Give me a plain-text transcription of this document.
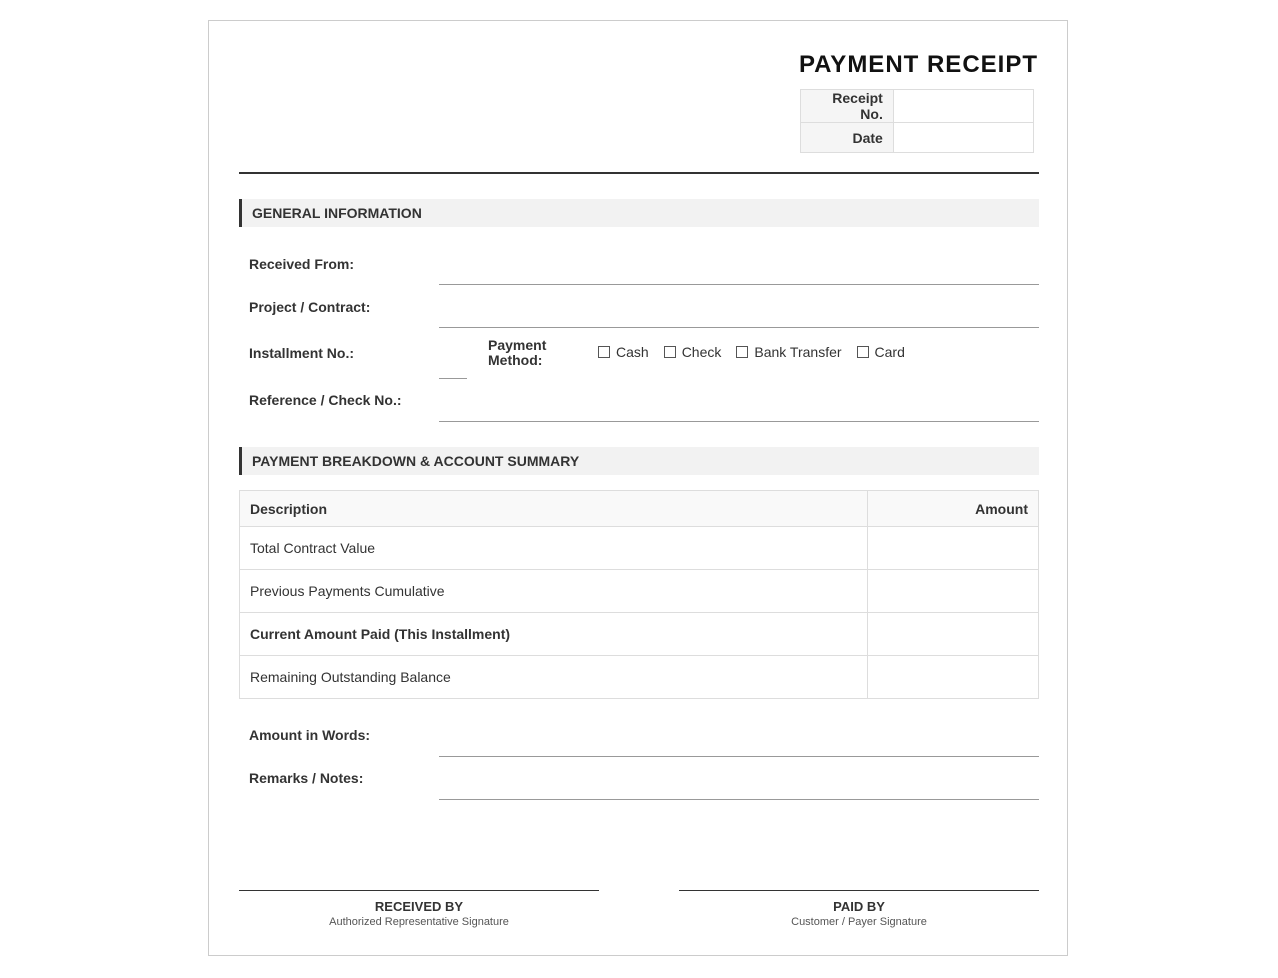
PAYMENT RECEIPT
Receipt No.	
Date	
GENERAL INFORMATION
Received From:
Project / Contract:
Installment No.:	Payment Method:	Cash Check Bank Transfer Card
Reference / Check No.:
PAYMENT BREAKDOWN & ACCOUNT SUMMARY
Description	Amount
Total Contract Value	
Previous Payments Cumulative	
Current Amount Paid (This Installment)	
Remaining Outstanding Balance	
Amount in Words:
Remarks / Notes:
RECEIVED BY
Authorized Representative Signature
PAID BY
Customer / Payer Signature
